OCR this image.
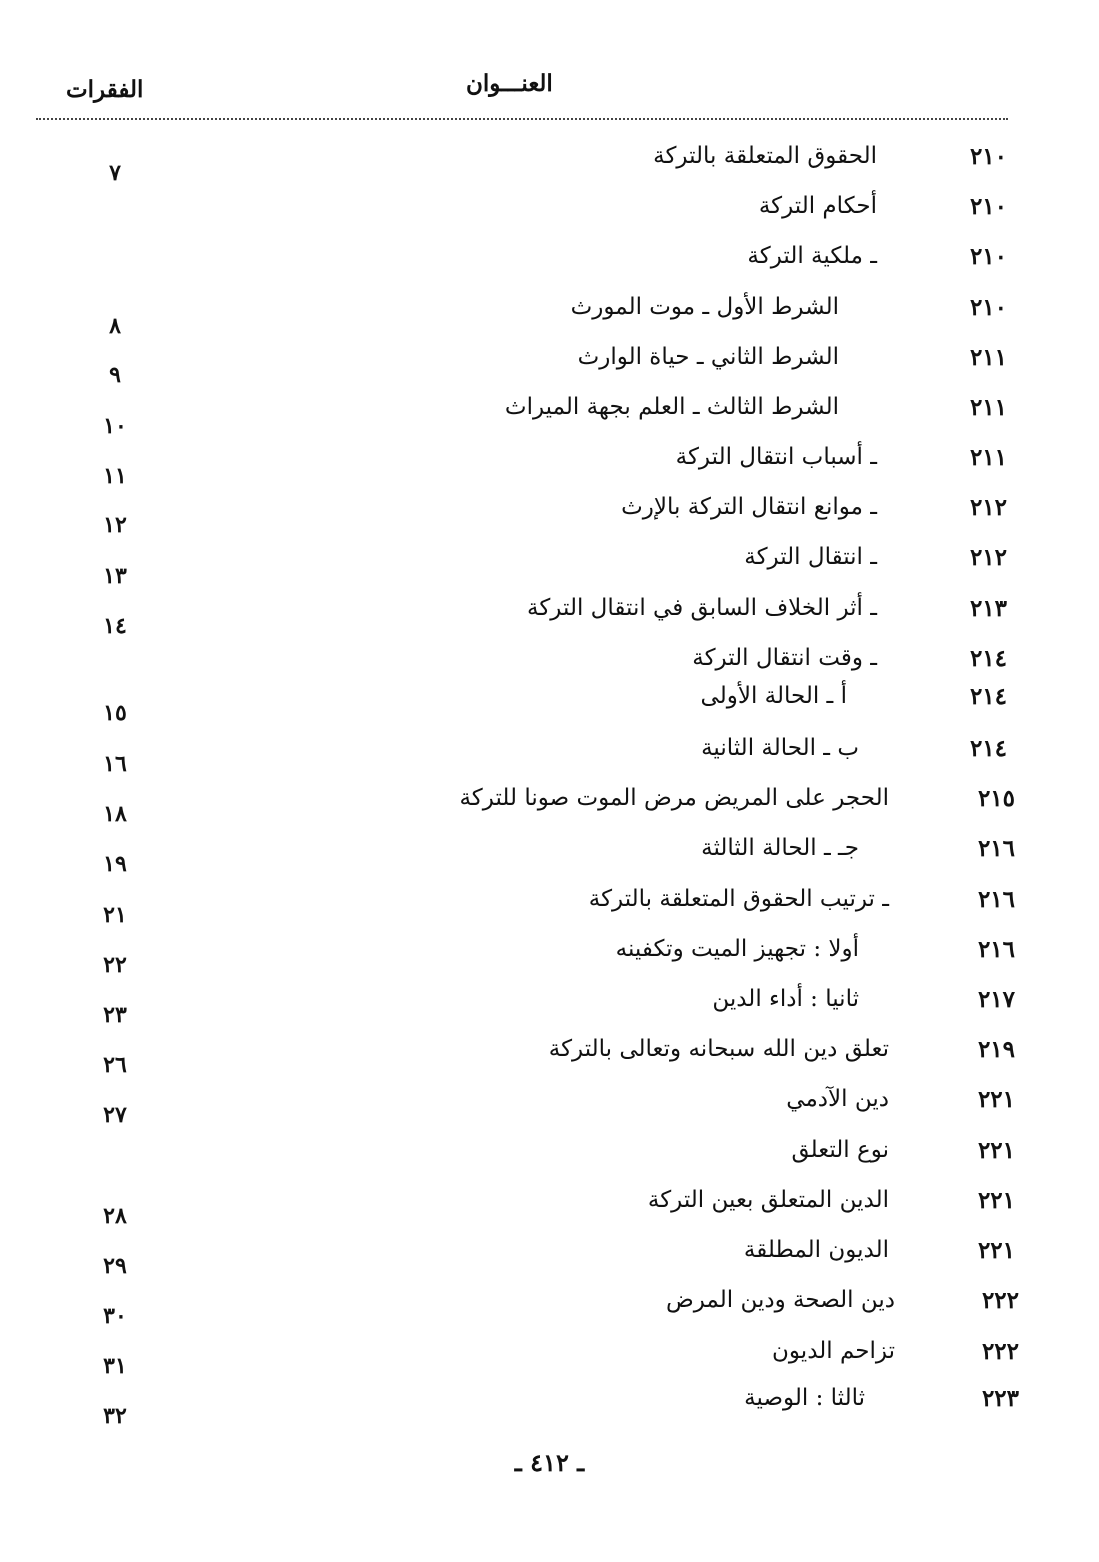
الفقرات	العنـــوان
٢١٠
الحقوق المتعلقة بالتركة
٢١٠
أحكام التركة
٢١٠
ـ ملكية التركة
٢١٠
الشرط الأول ـ موت المورث
٢١١
الشرط الثاني ـ حياة الوارث
٢١١
الشرط الثالث ـ العلم بجهة الميراث
٢١١
ـ أسباب انتقال التركة
٢١٢
ـ موانع انتقال التركة بالإرث
٢١٢
ـ انتقال التركة
٢١٣
ـ أثر الخلاف السابق في انتقال التركة
٢١٤
ـ وقت انتقال التركة
٢١٤
أ ـ الحالة الأولى
٢١٤
ب ـ الحالة الثانية
٢١٥
الحجر على المريض مرض الموت صونا للتركة
٢١٦
جـ ـ الحالة الثالثة
٢١٦
ـ ترتيب الحقوق المتعلقة بالتركة
٢١٦
أولا : تجهيز الميت وتكفينه
٢١٧
ثانيا : أداء الدين
٢١٩
تعلق دين الله سبحانه وتعالى بالتركة
٢٢١
دين الآدمي
٢٢١
نوع التعلق
٢٢١
الدين المتعلق بعين التركة
٢٢١
الديون المطلقة
٢٢٢
دين الصحة ودين المرض
٢٢٢
تزاحم الديون
٢٢٣
ثالثا : الوصية
٧
٨
٩
١٠
١١
١٢
١٣
١٤
١٥
١٦
١٨
١٩
٢١
٢٢
٢٣
٢٦
٢٧
٢٨
٢٩
٣٠
٣١
٣٢
ـ ٤١٢ ـ
